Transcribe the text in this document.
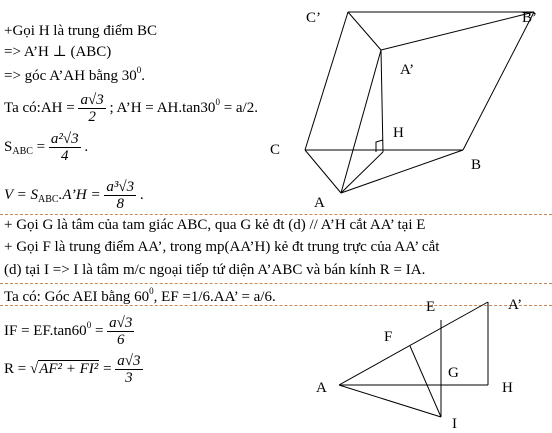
+Gọi H là trung điểm BC
=> A’H ⊥ (ABC)
=> góc A’AH bằng $30^0$.
Ta có:AH = $\frac{a√3}{2}$ ; A’H = $AH.\tan 30^0 = a/2$.
$S_{ABC} = \frac{\text{a²√3}}{4}$ .
$V = S_{ABC}.A’H = \frac{\text{a³√3}}{8}$ .
C’	B’
A’
H
C
B
A
+ Gọi G là tâm của tam giác ABC, qua G kẻ đt (d) // A’H cắt AA’ tại E
+ Gọi F là trung điểm AA’, trong mp(AA’H) kẻ đt trung trực của AA’ cắt
(d) tại I => I là tâm m/c ngoại tiếp tứ diện A’ABC và bán kính R = IA.
Ta có: Góc AEI bằng $60^0$, EF =1/6.AA’ = a/6.
IF = $EF.\tan 60^0 = \frac{a√3}{6}$
$R = √AF^2 + FI^2 = \frac{a√3}{3}$
E	A’
F
G
A	H
I
